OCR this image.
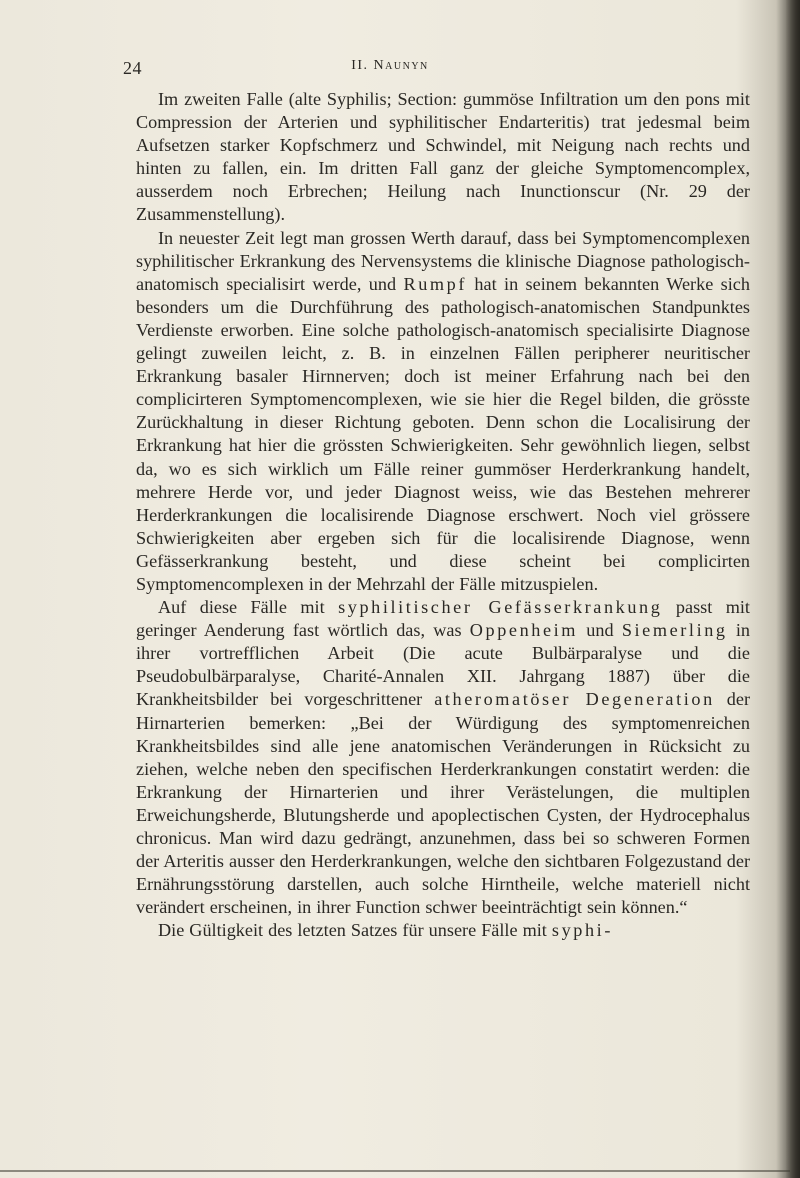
24	II. Naunyn

Im zweiten Falle (alte Syphilis; Section: gummöse Infiltration um den pons mit Compression der Arterien und syphilitischer Endarteritis) trat jedesmal beim Aufsetzen starker Kopfschmerz und Schwindel, mit Neigung nach rechts und hinten zu fallen, ein. Im dritten Fall ganz der gleiche Symptomencomplex, ausserdem noch Erbrechen; Heilung nach Inunctionscur (Nr. 29 der Zusammenstellung).

In neuester Zeit legt man grossen Werth darauf, dass bei Symptomencomplexen syphilitischer Erkrankung des Nervensystems die klinische Diagnose pathologisch-anatomisch specialisirt werde, und Rumpf hat in seinem bekannten Werke sich besonders um die Durchführung des pathologisch-anatomischen Standpunktes Verdienste erworben. Eine solche pathologisch-anatomisch specialisirte Diagnose gelingt zuweilen leicht, z. B. in einzelnen Fällen peripherer neuritischer Erkrankung basaler Hirnnerven; doch ist meiner Erfahrung nach bei den complicirteren Symptomencomplexen, wie sie hier die Regel bilden, die grösste Zurückhaltung in dieser Richtung geboten. Denn schon die Localisirung der Erkrankung hat hier die grössten Schwierigkeiten. Sehr gewöhnlich liegen, selbst da, wo es sich wirklich um Fälle reiner gummöser Herderkrankung handelt, mehrere Herde vor, und jeder Diagnost weiss, wie das Bestehen mehrerer Herderkrankungen die localisirende Diagnose erschwert. Noch viel grössere Schwierigkeiten aber ergeben sich für die localisirende Diagnose, wenn Gefässerkrankung besteht, und diese scheint bei complicirten Symptomencomplexen in der Mehrzahl der Fälle mitzuspielen.

Auf diese Fälle mit syphilitischer Gefässerkrankung passt mit geringer Aenderung fast wörtlich das, was Oppenheim und Siemerling in ihrer vortrefflichen Arbeit (Die acute Bulbärparalyse und die Pseudobulbärparalyse, Charité-Annalen XII. Jahrgang 1887) über die Krankheitsbilder bei vorgeschrittener atheromatöser Degeneration der Hirnarterien bemerken: „Bei der Würdigung des symptomenreichen Krankheitsbildes sind alle jene anatomischen Veränderungen in Rücksicht zu ziehen, welche neben den specifischen Herderkrankungen constatirt werden: die Erkrankung der Hirnarterien und ihrer Verästelungen, die multiplen Erweichungsherde, Blutungsherde und apoplectischen Cysten, der Hydrocephalus chronicus. Man wird dazu gedrängt, anzunehmen, dass bei so schweren Formen der Arteritis ausser den Herderkrankungen, welche den sichtbaren Folgezustand der Ernährungsstörung darstellen, auch solche Hirntheile, welche materiell nicht verändert erscheinen, in ihrer Function schwer beeinträchtigt sein können.“

Die Gültigkeit des letzten Satzes für unsere Fälle mit syphi-
